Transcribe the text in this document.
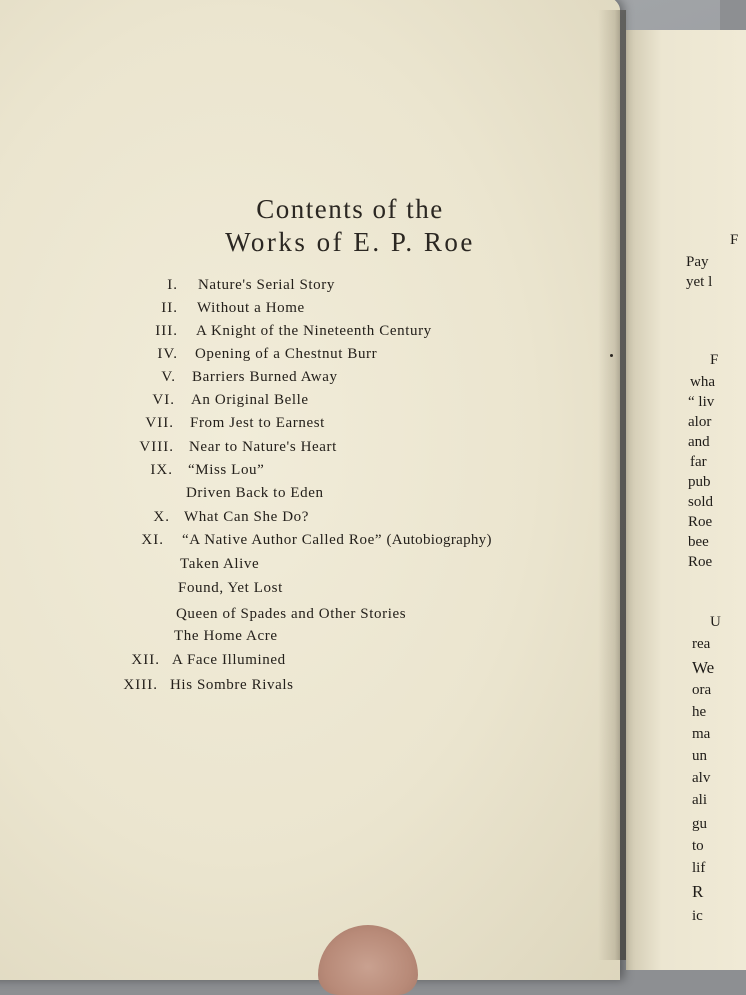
F
Pay
yet l
F
wha
“ liv
alor
and
far
pub
sold
Roe
bee
Roe
U
rea
We
ora
he
ma
un
alv
ali
gu
to
lif
R
ic
Contents of the
Works of E. P. Roe
I. Nature's Serial Story
II. Without a Home
III. A Knight of the Nineteenth Century
IV. Opening of a Chestnut Burr
V. Barriers Burned Away
VI. An Original Belle
VII. From Jest to Earnest
VIII. Near to Nature's Heart
IX. “Miss Lou”
Driven Back to Eden
X. What Can She Do?
XI. “A Native Author Called Roe” (Autobiography)
Taken Alive
Found, Yet Lost
Queen of Spades and Other Stories
The Home Acre
XII. A Face Illumined
XIII. His Sombre Rivals
